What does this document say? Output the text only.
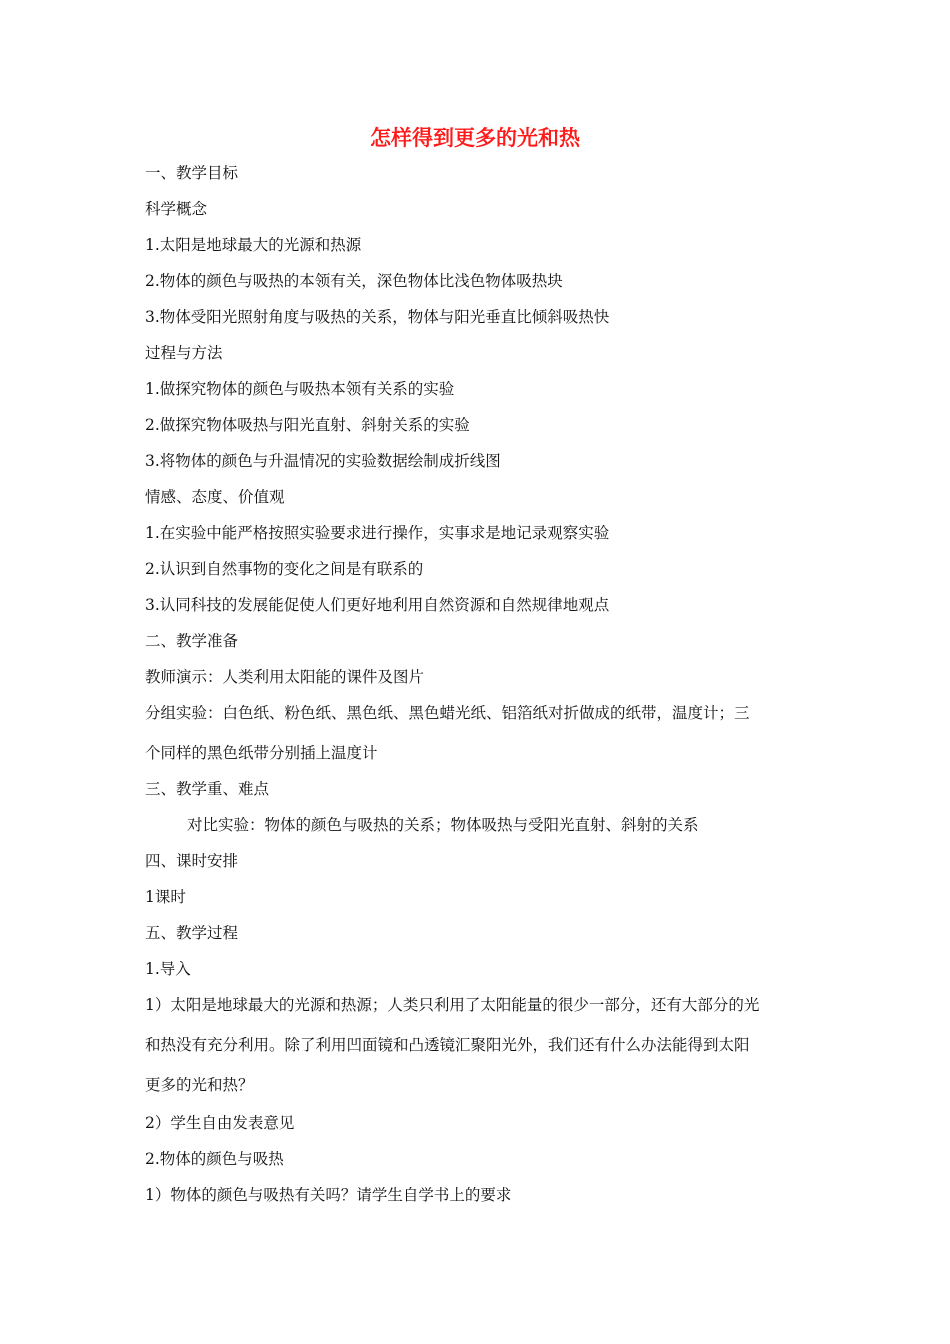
怎样得到更多的光和热

一、教学目标

科学概念

1.太阳是地球最大的光源和热源

2.物体的颜色与吸热的本领有关，深色物体比浅色物体吸热块

3.物体受阳光照射角度与吸热的关系，物体与阳光垂直比倾斜吸热快

过程与方法

1.做探究物体的颜色与吸热本领有关系的实验

2.做探究物体吸热与阳光直射、斜射关系的实验

3.将物体的颜色与升温情况的实验数据绘制成折线图

情感、态度、价值观

1.在实验中能严格按照实验要求进行操作，实事求是地记录观察实验

2.认识到自然事物的变化之间是有联系的

3.认同科技的发展能促使人们更好地利用自然资源和自然规律地观点

二、教学准备

教师演示：人类利用太阳能的课件及图片

分组实验：白色纸、粉色纸、黑色纸、黑色蜡光纸、铝箔纸对折做成的纸带，温度计；三

个同样的黑色纸带分别插上温度计

三、教学重、难点

对比实验：物体的颜色与吸热的关系；物体吸热与受阳光直射、斜射的关系

四、课时安排

1课时

五、教学过程

1.导入

1）太阳是地球最大的光源和热源；人类只利用了太阳能量的很少一部分，还有大部分的光

和热没有充分利用。除了利用凹面镜和凸透镜汇聚阳光外，我们还有什么办法能得到太阳

更多的光和热？

2）学生自由发表意见

2.物体的颜色与吸热

1）物体的颜色与吸热有关吗？请学生自学书上的要求
